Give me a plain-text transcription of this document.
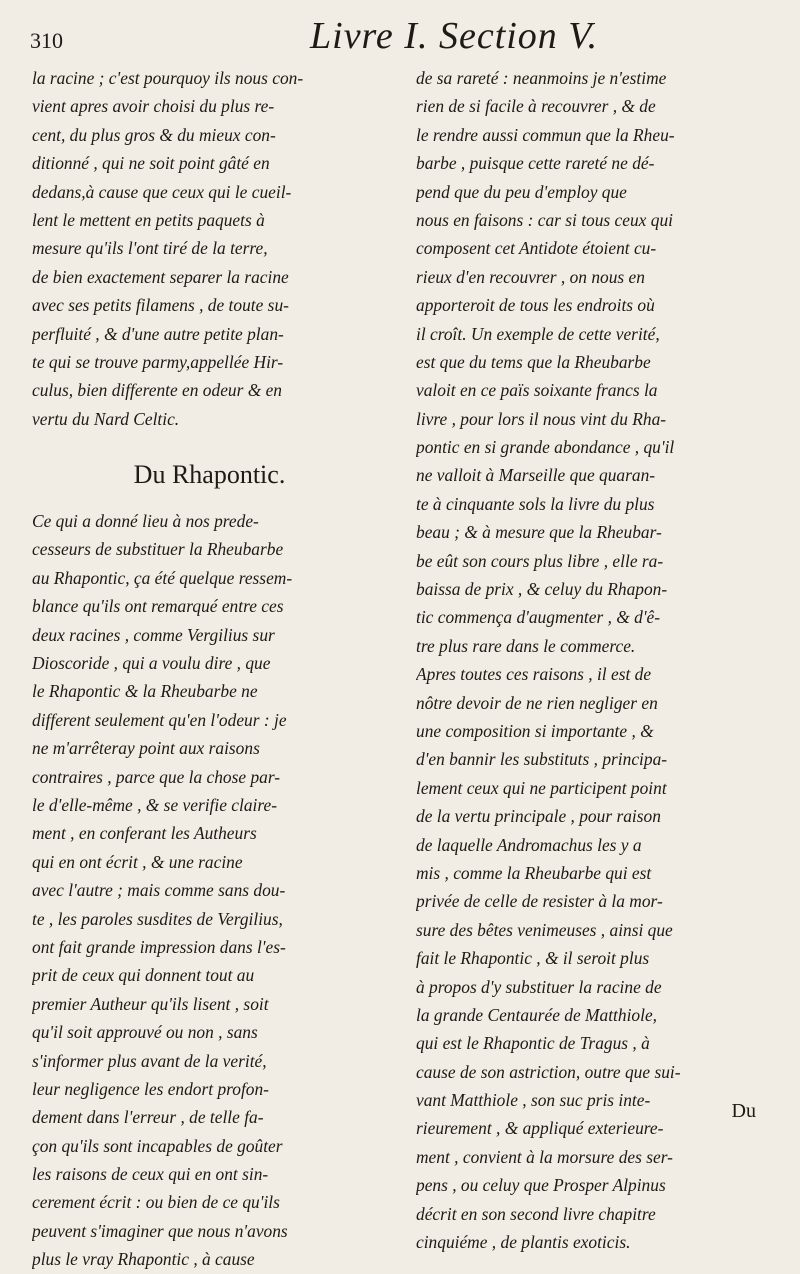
310	Livre I. Section V.
la racine ; c'est pourquoy ils nous con-
vient apres avoir choisi du plus re-
cent, du plus gros & du mieux con-
ditionné , qui ne soit point gâté en
dedans,à cause que ceux qui le cueil-
lent le mettent en petits paquets à
mesure qu'ils l'ont tiré de la terre,
de bien exactement separer la racine
avec ses petits filamens , de toute su-
perfluité , & d'une autre petite plan-
te qui se trouve parmy,appellée Hir-
culus, bien differente en odeur & en
vertu du Nard Celtic.
Du Rhapontic.
Ce qui a donné lieu à nos prede-
cesseurs de substituer la Rheubarbe
au Rhapontic, ça été quelque ressem-
blance qu'ils ont remarqué entre ces
deux racines , comme Vergilius sur
Dioscoride , qui a voulu dire , que
le Rhapontic & la Rheubarbe ne
different seulement qu'en l'odeur : je
ne m'arrêteray point aux raisons
contraires , parce que la chose par-
le d'elle-même , & se verifie claire-
ment , en conferant les Autheurs
qui en ont écrit , & une racine
avec l'autre ; mais comme sans dou-
te , les paroles susdites de Vergilius,
ont fait grande impression dans l'es-
prit de ceux qui donnent tout au
premier Autheur qu'ils lisent , soit
qu'il soit approuvé ou non , sans
s'informer plus avant de la verité,
leur negligence les endort profon-
dement dans l'erreur , de telle fa-
çon qu'ils sont incapables de goûter
les raisons de ceux qui en ont sin-
cerement écrit : ou bien de ce qu'ils
peuvent s'imaginer que nous n'avons
plus le vray Rhapontic , à cause
de sa rareté : neanmoins je n'estime
rien de si facile à recouvrer , & de
le rendre aussi commun que la Rheu-
barbe , puisque cette rareté ne dé-
pend que du peu d'employ que
nous en faisons : car si tous ceux qui
composent cet Antidote étoient cu-
rieux d'en recouvrer , on nous en
apporteroit de tous les endroits où
il croît. Un exemple de cette verité,
est que du tems que la Rheubarbe
valoit en ce païs soixante francs la
livre , pour lors il nous vint du Rha-
pontic en si grande abondance , qu'il
ne valloit à Marseille que quaran-
te à cinquante sols la livre du plus
beau ; & à mesure que la Rheubar-
be eût son cours plus libre , elle ra-
baissa de prix , & celuy du Rhapon-
tic commença d'augmenter , & d'ê-
tre plus rare dans le commerce.
Apres toutes ces raisons , il est de
nôtre devoir de ne rien negliger en
une composition si importante , &
d'en bannir les substituts , principa-
lement ceux qui ne participent point
de la vertu principale , pour raison
de laquelle Andromachus les y a
mis , comme la Rheubarbe qui est
privée de celle de resister à la mor-
sure des bêtes venimeuses , ainsi que
fait le Rhapontic , & il seroit plus
à propos d'y substituer la racine de
la grande Centaurée de Matthiole,
qui est le Rhapontic de Tragus , à
cause de son astriction, outre que sui-
vant Matthiole , son suc pris inte-
rieurement , & appliqué exterieure-
ment , convient à la morsure des ser-
pens , ou celuy que Prosper Alpinus
décrit en son second livre chapitre
cinquiéme , de plantis exoticis.
Du
